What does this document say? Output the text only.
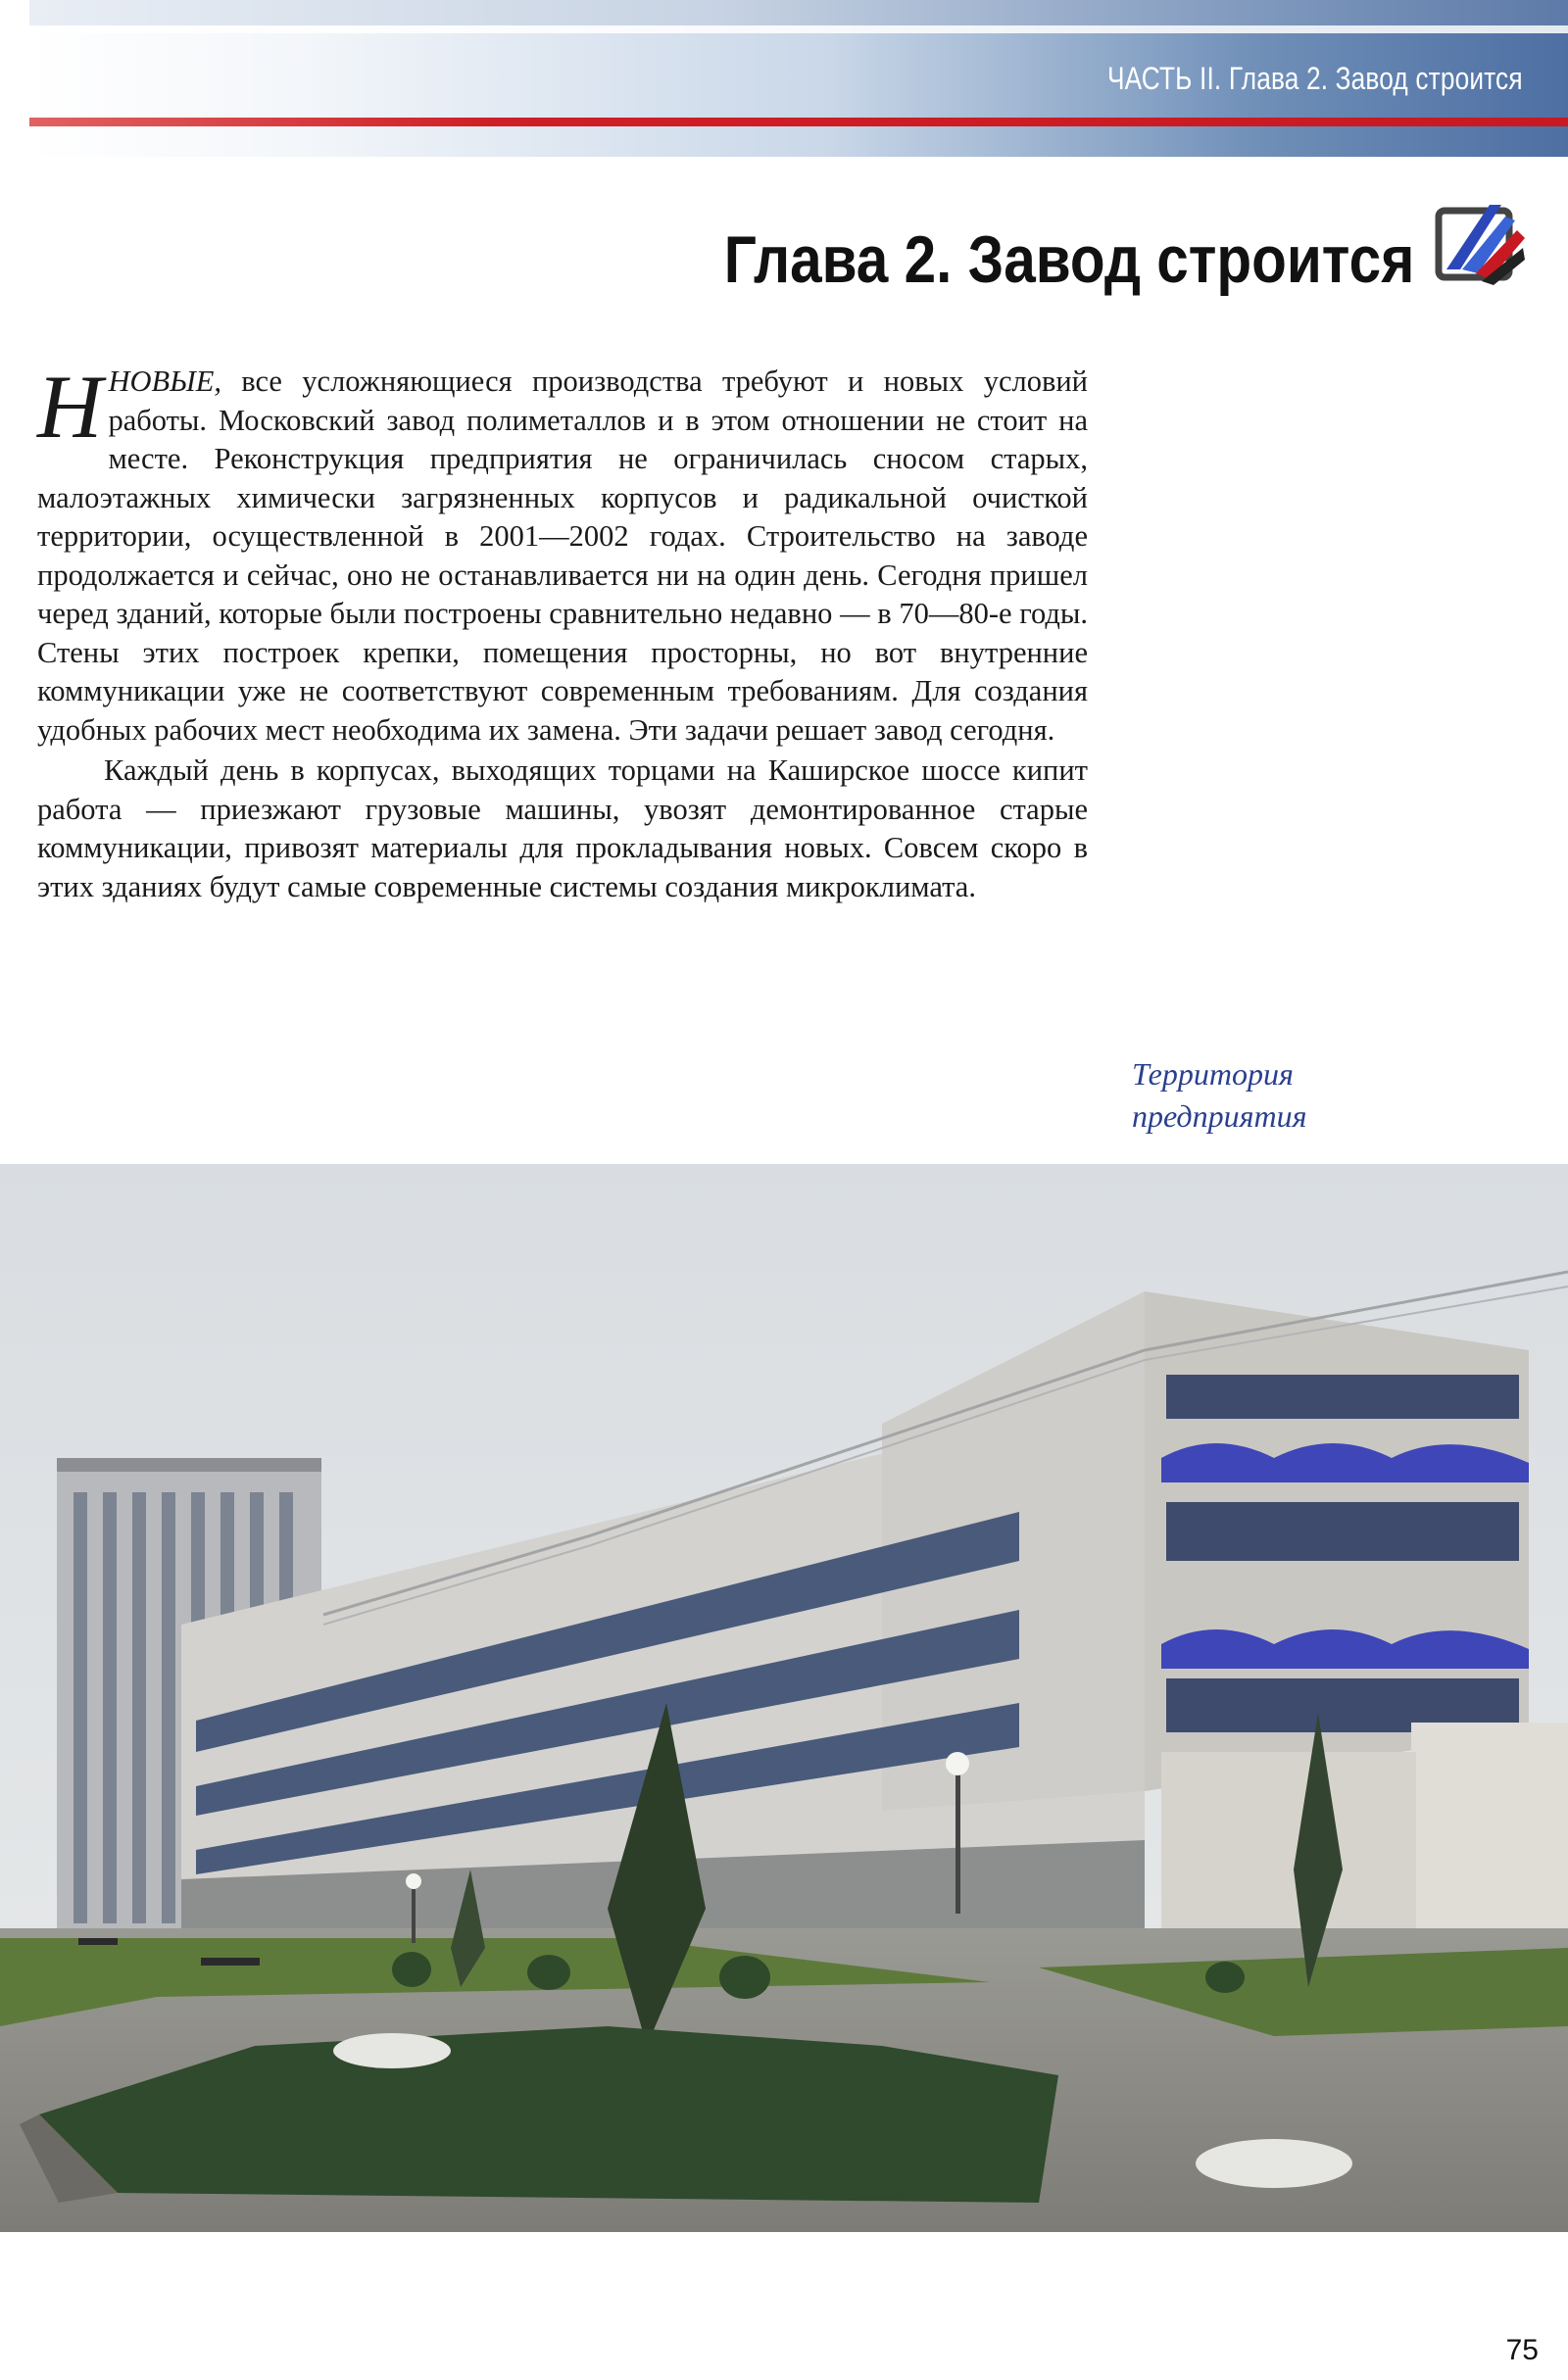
ЧАСТЬ II. Глава 2. Завод строится
Глава 2. Завод строится

ННОВЫЕ, все усложняющиеся производства требуют и новых условий работы. Московский завод полиметаллов и в этом отношении не стоит на месте. Реконструкция предприятия не ограничилась сносом старых, малоэтажных химически загрязненных корпусов и радикальной очисткой территории, осуществленной в 2001—2002 годах. Строительство на заводе продолжается и сейчас, оно не останавливается ни на один день. Сегодня пришел черед зданий, которые были построены сравнительно недавно — в 70—80-е годы. Стены этих построек крепки, помещения просторны, но вот внутренние коммуникации уже не соответствуют современным требованиям. Для создания удобных рабочих мест необходима их замена. Эти задачи решает завод сегодня.

Каждый день в корпусах, выходящих торцами на Каширское шоссе кипит работа — приезжают грузовые машины, увозят демонтированное старые коммуникации, привозят материалы для прокладывания новых. Совсем скоро в этих зданиях будут самые современные системы создания микроклимата.

Территория
предприятия
75
